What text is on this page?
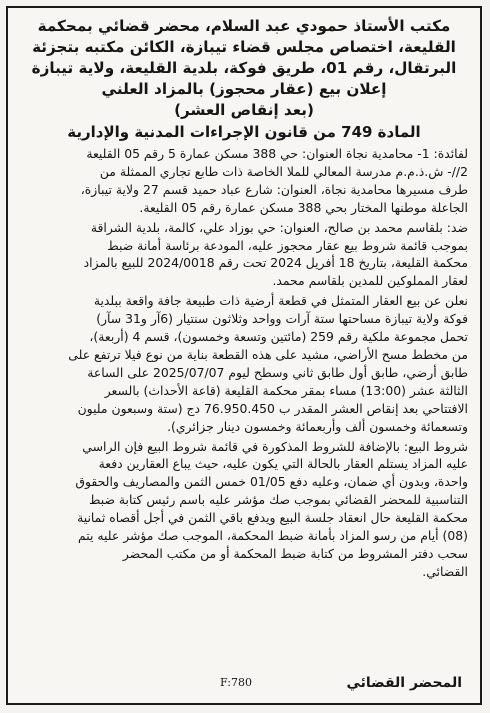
مكتب الأستاذ حمودي عبد السلام، محضر قضائي بمحكمة
القليعة، اختصاص مجلس قضاء تيبازة، الكائن مكتبه بتجزئة
البرتقال، رقم 01، طريق فوكة، بلدية القليعة، ولاية تيبازة
إعلان بيع (عقار محجوز) بالمزاد العلني
(بعد إنقاص العشر)
المادة 749 من قانون الإجراءات المدنية والإدارية
لفائدة: 1- محامدية نجاة العنوان: حي 388 مسكن عمارة 5 رقم 05 القليعة
2//- ش.ذ.م.م مدرسة المعالي للملا الخاصة ذات طابع تجاري الممثلة من
طرف مسيرها محامدية نجاة، العنوان: شارع عباد حميد قسم 27 ولاية تيبازة،
الجاعلة موطنها المختار بحي 388 مسكن عمارة رقم 05 القليعة.
ضد: بلقاسم محمد بن صالح، العنوان: حي بوزاد علي، كالمة، بلدية الشراقة
بموجب قائمة شروط بيع عقار محجوز عليه، المودعة برئاسة أمانة ضبط
محكمة القليعة، بتاريخ 18 أفريل 2024 تحت رقم 2024/0018 للبيع بالمزاد
لعقار المملوكين للمدين بلقاسم محمد.
نعلن عن بيع العقار المتمثل في قطعة أرضية ذات طبيعة جافة واقعة ببلدية
فوكة ولاية تيبازة مساحتها ستة آرات وواحد وثلاثون سنتيار (6آر و31 سآر)
تحمل مجموعة ملكية رقم 259 (مائتين وتسعة وخمسون)، قسم 4 (أربعة)،
من مخطط مسح الأراضي، مشيد على هذه القطعة بناية من نوع فيلا ترتفع على
طابق أرضي، طابق أول طابق ثاني وسطح ليوم 2025/07/07 على الساعة
الثالثة عشر (13:00) مساء بمقر محكمة القليعة (قاعة الأحداث) بالسعر
الافتتاحي بعد إنقاص العشر المقدر ب 76.950.450 دج (ستة وسبعون مليون
وتسعمائة وخمسون ألف وأربعمائة وخمسون دينار جزائري).
شروط البيع: بالإضافة للشروط المذكورة في قائمة شروط البيع فإن الراسي
عليه المزاد يستلم العقار بالحالة التي يكون عليه، حيث يباع العقارين دفعة
واحدة، وبدون أي ضمان، وعليه دفع 01/05 خمس الثمن والمصاريف والحقوق
التناسبية للمحضر القضائي بموجب صك مؤشر عليه باسم رئيس كتابة ضبط
محكمة القليعة حال انعقاد جلسة البيع ويدفع باقي الثمن في أجل أقصاه ثمانية
(08) أيام من رسو المزاد بأمانة ضبط المحكمة، الموجب صك مؤشر عليه يتم
سحب دفتر المشروط من كتابة ضبط المحكمة أو من مكتب المحضر
القضائي.
F:780	المحضر القضائي
